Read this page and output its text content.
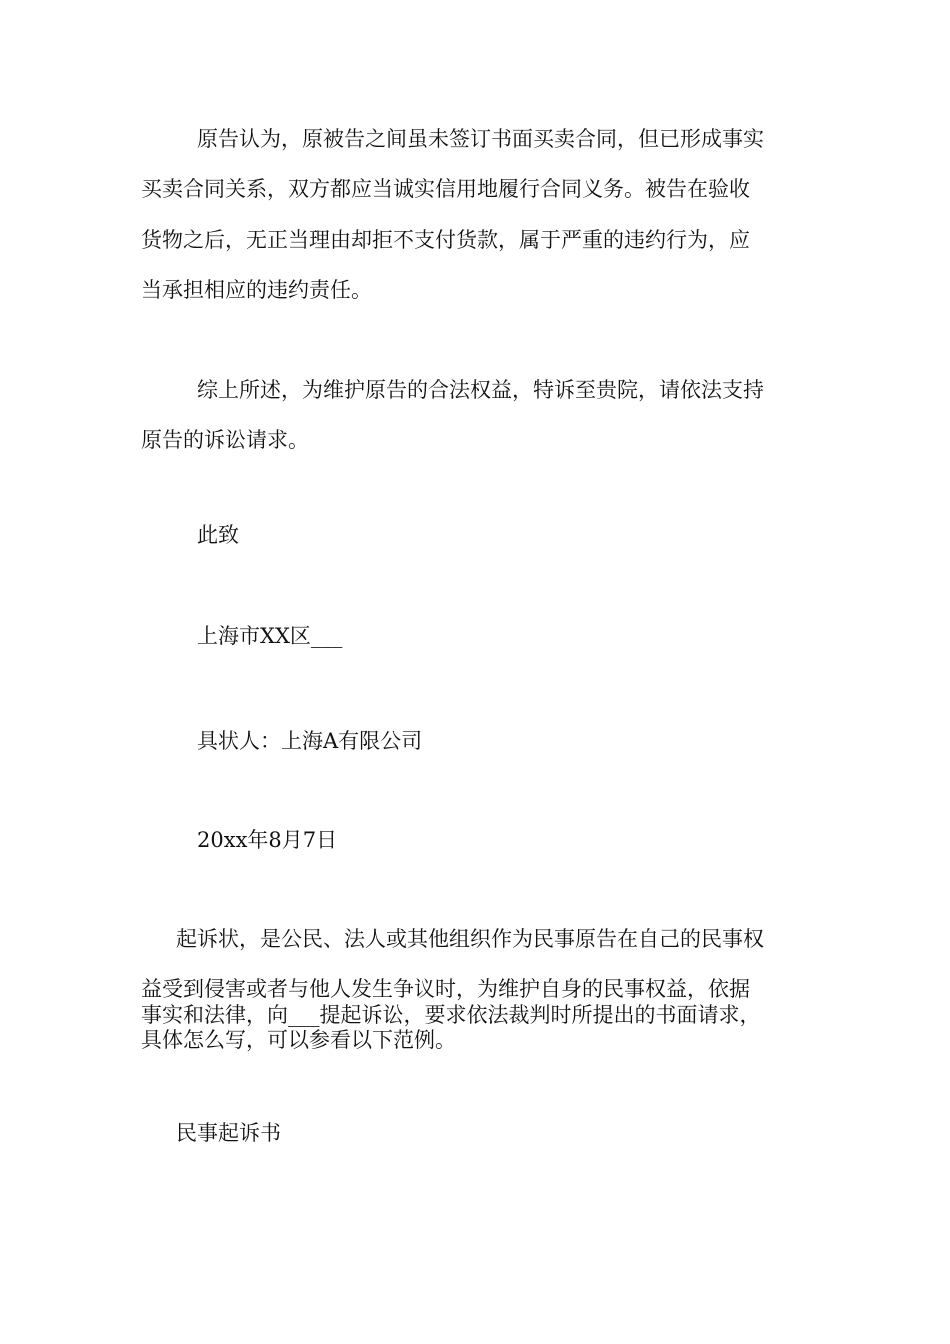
原告认为，原被告之间虽未签订书面买卖合同，但已形成事实
买卖合同关系，双方都应当诚实信用地履行合同义务。被告在验收
货物之后，无正当理由却拒不支付货款，属于严重的违约行为，应
当承担相应的违约责任。
综上所述，为维护原告的合法权益，特诉至贵院，请依法支持
原告的诉讼请求。
此致
上海市XX区___
具状人：上海A有限公司
20xx年8月7日
起诉状，是公民、法人或其他组织作为民事原告在自己的民事权
益受到侵害或者与他人发生争议时，为维护自身的民事权益，依据
事实和法律，向___提起诉讼，要求依法裁判时所提出的书面请求，
具体怎么写，可以参看以下范例。
民事起诉书
